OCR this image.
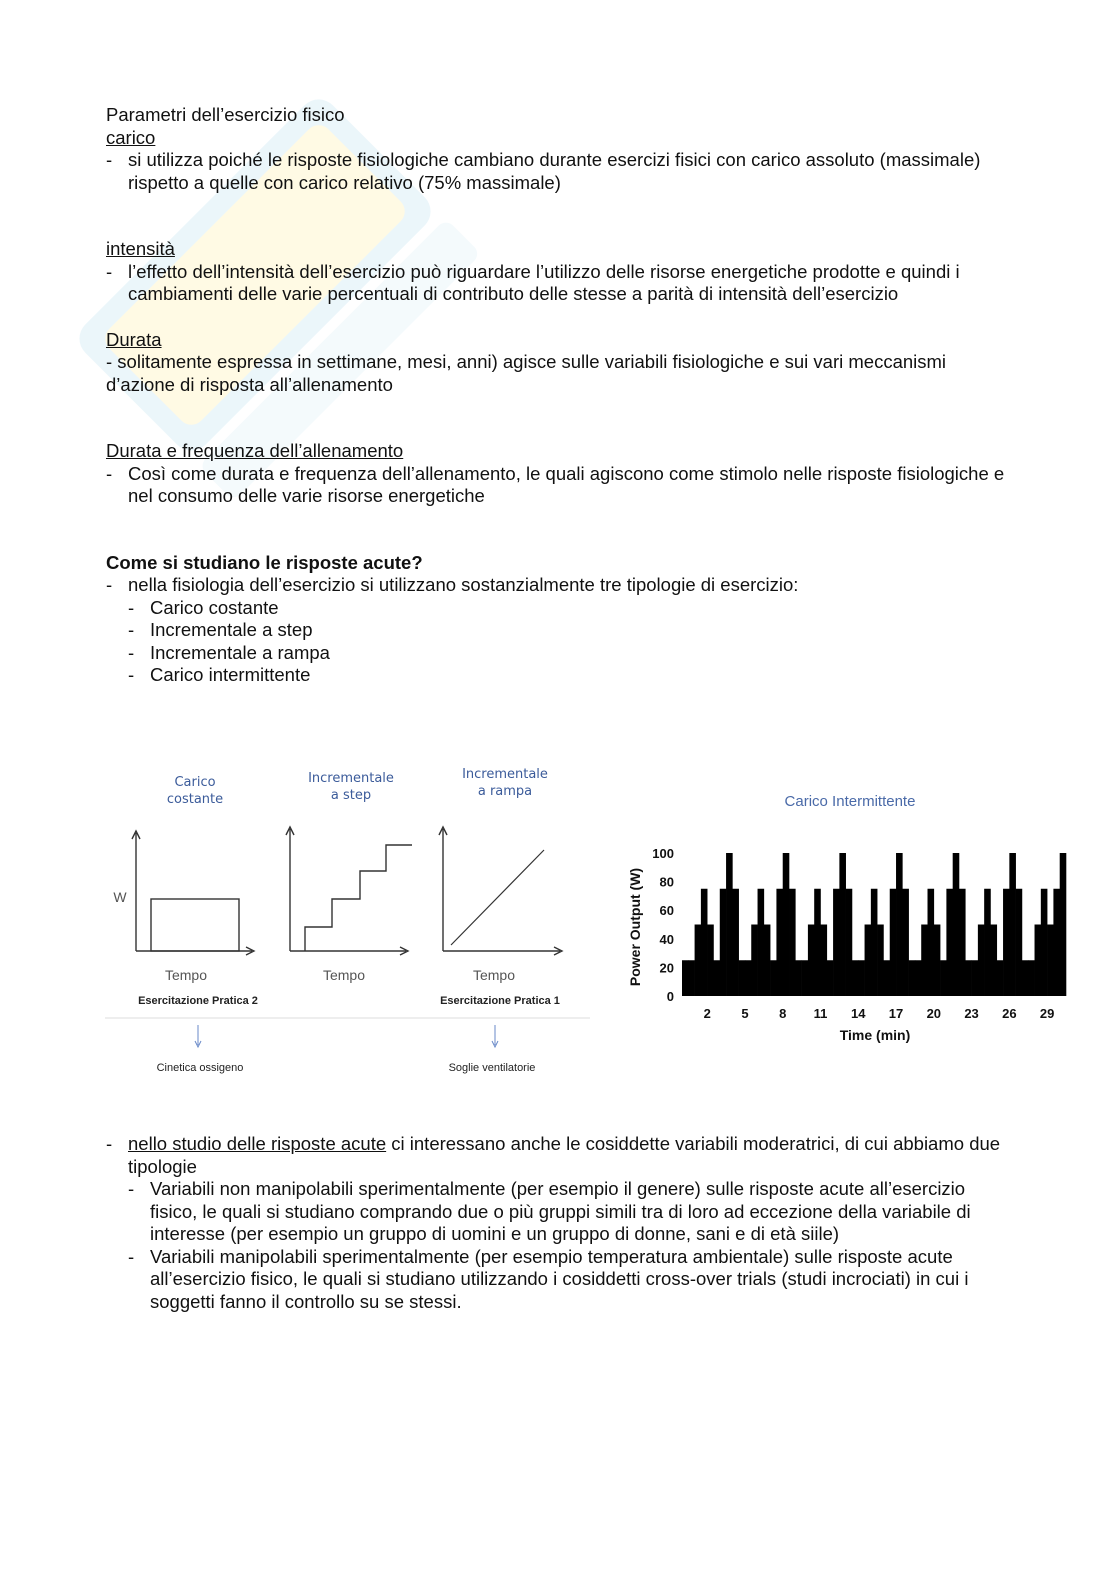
Parametri dell’esercizio fisico

carico

- si utilizza poiché le risposte fisiologiche cambiano durante esercizi fisici con carico assoluto (massimale) rispetto a quelle con carico relativo (75% massimale)

intensità

- l’effetto dell’intensità dell’esercizio può riguardare l’utilizzo delle risorse energetiche prodotte e quindi i cambiamenti delle varie percentuali di contributo delle stesse a parità di intensità dell’esercizio

Durata

- solitamente espressa in settimane, mesi, anni) agisce sulle variabili fisiologiche e sui vari meccanismi d’azione di risposta all’allenamento

Durata e frequenza dell’allenamento

- Così come durata e frequenza dell’allenamento, le quali agiscono come stimolo nelle risposte fisiologiche e nel consumo delle varie risorse energetiche

Come si studiano le risposte acute?

- nella fisiologia dell’esercizio si utilizzano sostanzialmente tre tipologie di esercizio:

- Carico costante

- Incrementale a step

- Incrementale a rampa

- Carico intermittente

Carico
costante
W
Tempo
Esercitazione Pratica 2
Cinetica ossigeno
Incrementale
a step
Tempo
Incrementale
a rampa
Tempo
Esercitazione Pratica 1
Soglie ventilatorie
Carico Intermittente
0
20
40
60
80
100
2 5 8 11 14 17 20 23 26 29
Time (min)
Power Output (W)

- nello studio delle risposte acute ci interessano anche le cosiddette variabili moderatrici, di cui abbiamo due tipologie

- Variabili non manipolabili sperimentalmente (per esempio il genere) sulle risposte acute all’esercizio fisico, le quali si studiano comprando due o più gruppi simili tra di loro ad eccezione della variabile di interesse (per esempio un gruppo di uomini e un gruppo di donne, sani e di età siile)

- Variabili manipolabili sperimentalmente (per esempio temperatura ambientale) sulle risposte acute all’esercizio fisico, le quali si studiano utilizzando i cosiddetti cross-over trials (studi incrociati) in cui i soggetti fanno il controllo su se stessi.
